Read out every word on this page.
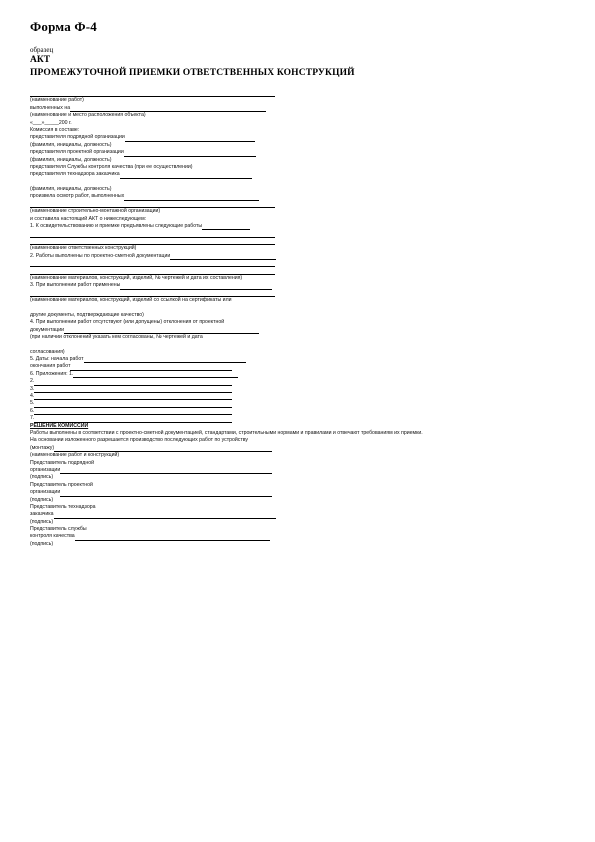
Форма Ф-4
образец
АКТ
ПРОМЕЖУТОЧНОЙ ПРИЕМКИ ОТВЕТСТВЕННЫХ КОНСТРУКЦИЙ
(наименование работ)
выполненных на
(наименование и место расположения объекта)
«___»_____200 г.
Комиссия в составе:
представителя подрядной организации
(фамилия, инициалы, должность)
представителя проектной организации
(фамилия, инициалы, должность)
представителя Службы контроля качества (при ее осуществлении)
представителя технадзора заказчика
(фамилия, инициалы, должность)
произвела осмотр работ, выполненных
(наименование строительно-монтажной организации)
и составила настоящий АКТ о нижеследующем:
1. К освидетельствованию и приемке предъявлены следующие работы
(наименование ответственных конструкций)
2. Работы выполнены по проектно-сметной документации
(наименование материалов, конструкций, изделий, № чертежей и дата их составления)
3. При выполнении работ применены
(наименование материалов, конструкций, изделий со ссылкой на сертификаты или
другие документы, подтверждающие качество)
4. При выполнении работ отсутствуют (или допущены) отклонения от проектной
документации
(при наличии отклонений указать кем согласованы, № чертежей и дата
согласования)
5. Даты: начала работ
окончания работ
6. Приложения: 1.
2.
3.
4.
5.
6.
7.
РЕШЕНИЕ КОМИССИИ
Работы выполнены в соответствии с проектно-сметной документацией, стандартами, строительными нормами и правилами и отвечают требованиям их приемки.
На основании изложенного разрешается производство последующих работ по устройству
(монтажу)
(наименование работ и конструкций)
Представитель подрядной
организации
(подпись)
Представитель проектной
организации
(подпись)
Представитель технадзора
заказчика
(подпись)
Представитель службы
контроля качества
(подпись)
